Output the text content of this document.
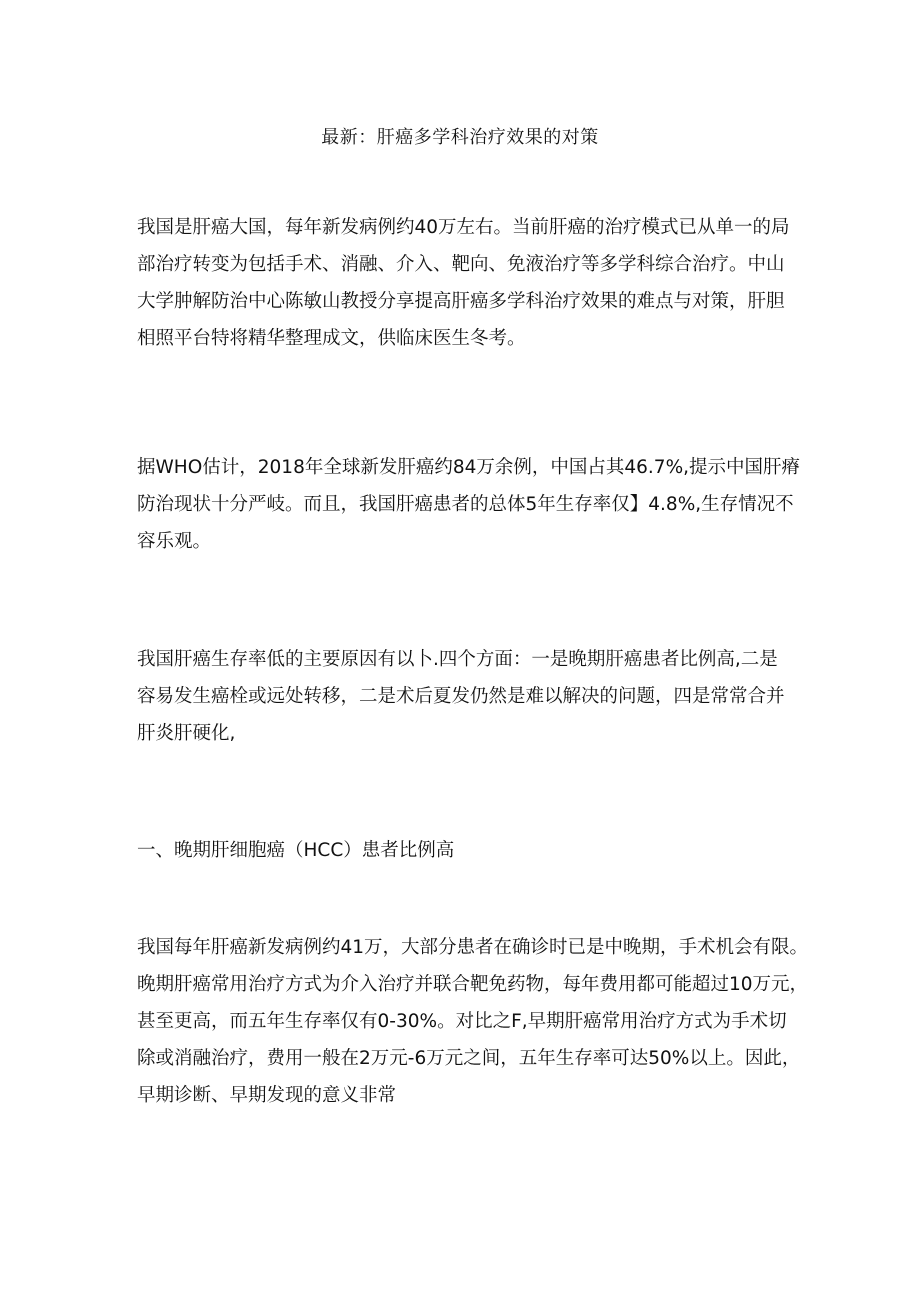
最新：肝癌多学科治疗效果的对策

我国是肝癌大国，每年新发病例约40万左右。当前肝癌的治疗模式已从单一的局
部治疗转变为包括手术、消融、介入、靶向、免液治疗等多学科综合治疗。中山
大学肿解防治中心陈敏山教授分享提高肝癌多学科治疗效果的难点与对策，肝胆
相照平台特将精华整理成文，供临床医生冬考。

据WHO估计，2018年全球新发肝癌约84万余例，中国占其46.7%,提示中国肝瘠
防治现状十分严岐。而且，我国肝癌患者的总体5年生存率仅】4.8%,生存情况不
容乐观。

我国肝癌生存率低的主要原因有以卜.四个方面：一是晚期肝癌患者比例高,二是
容易发生癌栓或远处转移，二是术后夏发仍然是难以解决的问题，四是常常合并
肝炎肝硬化,

一、晚期肝细胞癌（HCC）患者比例高

我国每年肝癌新发病例约41万，大部分患者在确诊时已是中晚期，手术机会有限。
晚期肝癌常用治疗方式为介入治疗并联合靶免药物，每年费用都可能超过10万元，
甚至更高，而五年生存率仅有0-30%。对比之F,早期肝癌常用治疗方式为手术切
除或消融治疗，费用一般在2万元-6万元之间，五年生存率可达50%以上。因此，
早期诊断、早期发现的意义非常
